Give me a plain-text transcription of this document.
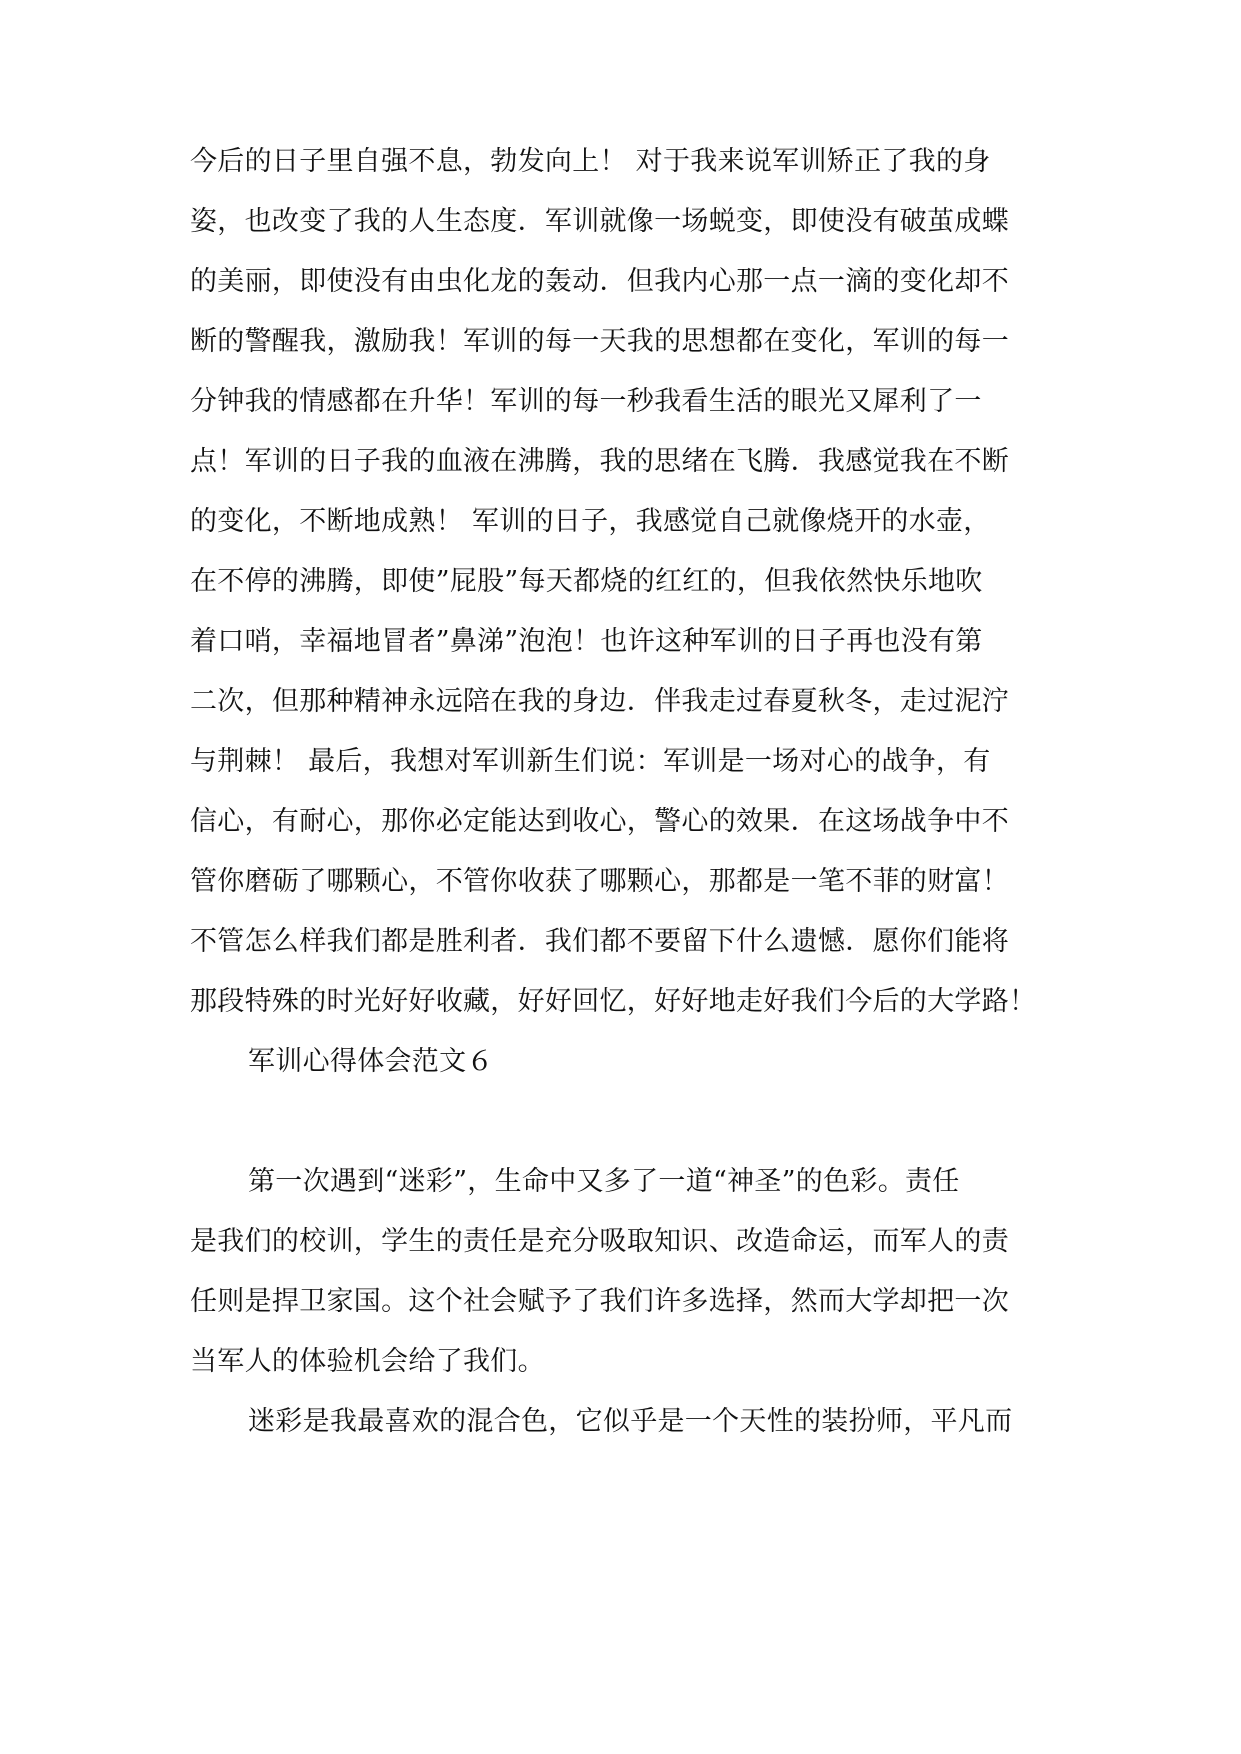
今后的日子里自强不息，勃发向上！ 对于我来说军训矫正了我的身
姿，也改变了我的人生态度．军训就像一场蜕变，即使没有破茧成蝶
的美丽，即使没有由虫化龙的轰动．但我内心那一点一滴的变化却不
断的警醒我，激励我！军训的每一天我的思想都在变化，军训的每一
分钟我的情感都在升华！军训的每一秒我看生活的眼光又犀利了一
点！军训的日子我的血液在沸腾，我的思绪在飞腾．我感觉我在不断
的变化，不断地成熟！ 军训的日子，我感觉自己就像烧开的水壶，
在不停的沸腾，即使”屁股”每天都烧的红红的，但我依然快乐地吹
着口哨，幸福地冒者”鼻涕”泡泡！也许这种军训的日子再也没有第
二次，但那种精神永远陪在我的身边．伴我走过春夏秋冬，走过泥泞
与荆棘！ 最后，我想对军训新生们说：军训是一场对心的战争，有
信心，有耐心，那你必定能达到收心，警心的效果．在这场战争中不
管你磨砺了哪颗心，不管你收获了哪颗心，那都是一笔不菲的财富！
不管怎么样我们都是胜利者．我们都不要留下什么遗憾．愿你们能将
那段特殊的时光好好收藏，好好回忆，好好地走好我们今后的大学路！
军训心得体会范文６
第一次遇到“迷彩”，生命中又多了一道“神圣”的色彩。责任
是我们的校训，学生的责任是充分吸取知识、改造命运，而军人的责
任则是捍卫家国。这个社会赋予了我们许多选择，然而大学却把一次
当军人的体验机会给了我们。
迷彩是我最喜欢的混合色，它似乎是一个天性的装扮师，平凡而
